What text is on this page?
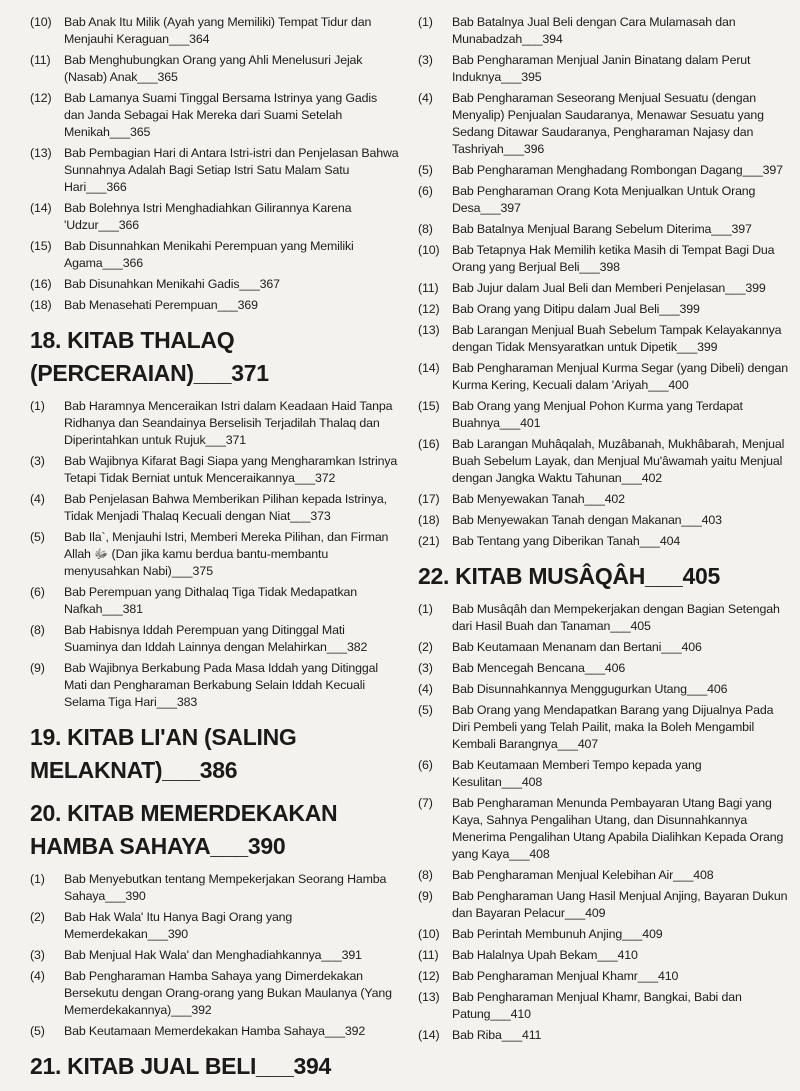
(10)	Bab Anak Itu Milik (Ayah yang Memiliki) Tempat Tidur dan Menjauhi Keraguan___364
(11)	Bab Menghubungkan Orang yang Ahli Menelusuri Jejak (Nasab) Anak___365
(12)	Bab Lamanya Suami Tinggal Bersama Istrinya yang Gadis dan Janda Sebagai Hak Mereka dari Suami Setelah Menikah___365
(13)	Bab Pembagian Hari di Antara Istri-istri dan Penjelasan Bahwa Sunnahnya Adalah Bagi Setiap Istri Satu Malam Satu Hari___366
(14)	Bab Bolehnya Istri Menghadiahkan Gilirannya Karena 'Udzur___366
(15)	Bab Disunnahkan Menikahi Perempuan yang Memiliki Agama___366
(16)	Bab Disunahkan Menikahi Gadis___367
(18)	Bab Menasehati Perempuan___369
18. KITAB THALAQ (PERCERAIAN)___371
(1)	Bab Haramnya Menceraikan Istri dalam Keadaan Haid Tanpa Ridhanya dan Seandainya Berselisih Terjadilah Thalaq dan Diperintahkan untuk Rujuk___371
(3)	Bab Wajibnya Kifarat Bagi Siapa yang Mengharamkan Istrinya Tetapi Tidak Berniat untuk Menceraikannya___372
(4)	Bab Penjelasan Bahwa Memberikan Pilihan kepada Istrinya, Tidak Menjadi Thalaq Kecuali dengan Niat___373
(5)	Bab Ila`, Menjauhi Istri, Memberi Mereka Pilihan, dan Firman Allah ﷻ (Dan jika kamu berdua bantu-membantu menyusahkan Nabi)___375
(6)	Bab Perempuan yang Dithalaq Tiga Tidak Medapatkan Nafkah___381
(8)	Bab Habisnya Iddah Perempuan yang Ditinggal Mati Suaminya dan Iddah Lainnya dengan Melahirkan___382
(9)	Bab Wajibnya Berkabung Pada Masa Iddah yang Ditinggal Mati dan Pengharaman Berkabung Selain Iddah Kecuali Selama Tiga Hari___383
19. KITAB LI'AN (SALING MELAKNAT)___386
20. KITAB MEMERDEKAKAN HAMBA SAHAYA___390
(1)	Bab Menyebutkan tentang Mempekerjakan Seorang Hamba Sahaya___390
(2)	Bab Hak Wala' Itu Hanya Bagi Orang yang Memerdekakan___390
(3)	Bab Menjual Hak Wala' dan Menghadiahkannya___391
(4)	Bab Pengharaman Hamba Sahaya yang Dimerdekakan Bersekutu dengan Orang-orang yang Bukan Maulanya (Yang Memerdekakannya)___392
(5)	Bab Keutamaan Memerdekakan Hamba Sahaya___392
21. KITAB JUAL BELI___394
(1)	Bab Batalnya Jual Beli dengan Cara Mulamasah dan Munabadzah___394
(3)	Bab Pengharaman Menjual Janin Binatang dalam Perut Induknya___395
(4)	Bab Pengharaman Seseorang Menjual Sesuatu (dengan Menyalip) Penjualan Saudaranya, Menawar Sesuatu yang Sedang Ditawar Saudaranya, Pengharaman Najasy dan Tashriyah___396
(5)	Bab Pengharaman Menghadang Rombongan Dagang___397
(6)	Bab Pengharaman Orang Kota Menjualkan Untuk Orang Desa___397
(8)	Bab Batalnya Menjual Barang Sebelum Diterima___397
(10)	Bab Tetapnya Hak Memilih ketika Masih di Tempat Bagi Dua Orang yang Berjual Beli___398
(11)	Bab Jujur dalam Jual Beli dan Memberi Penjelasan___399
(12)	Bab Orang yang Ditipu dalam Jual Beli___399
(13)	Bab Larangan Menjual Buah Sebelum Tampak Kelayakannya dengan Tidak Mensyaratkan untuk Dipetik___399
(14)	Bab Pengharaman Menjual Kurma Segar (yang Dibeli) dengan Kurma Kering, Kecuali dalam 'Ariyah___400
(15)	Bab Orang yang Menjual Pohon Kurma yang Terdapat Buahnya___401
(16)	Bab Larangan Muhâqalah, Muzâbanah, Mukhâbarah, Menjual Buah Sebelum Layak, dan Menjual Mu'âwamah yaitu Menjual dengan Jangka Waktu Tahunan___402
(17)	Bab Menyewakan Tanah___402
(18)	Bab Menyewakan Tanah dengan Makanan___403
(21)	Bab Tentang yang Diberikan Tanah___404
22. KITAB MUSÂQÂH___405
(1)	Bab Musâqâh dan Mempekerjakan dengan Bagian Setengah dari Hasil Buah dan Tanaman___405
(2)	Bab Keutamaan Menanam dan Bertani___406
(3)	Bab Mencegah Bencana___406
(4)	Bab Disunnahkannya Menggugurkan Utang___406
(5)	Bab Orang yang Mendapatkan Barang yang Dijualnya Pada Diri Pembeli yang Telah Pailit, maka Ia Boleh Mengambil Kembali Barangnya___407
(6)	Bab Keutamaan Memberi Tempo kepada yang Kesulitan___408
(7)	Bab Pengharaman Menunda Pembayaran Utang Bagi yang Kaya, Sahnya Pengalihan Utang, dan Disunnahkannya Menerima Pengalihan Utang Apabila Dialihkan Kepada Orang yang Kaya___408
(8)	Bab Pengharaman Menjual Kelebihan Air___408
(9)	Bab Pengharaman Uang Hasil Menjual Anjing, Bayaran Dukun dan Bayaran Pelacur___409
(10)	Bab Perintah Membunuh Anjing___409
(11)	Bab Halalnya Upah Bekam___410
(12)	Bab Pengharaman Menjual Khamr___410
(13)	Bab Pengharaman Menjual Khamr, Bangkai, Babi dan Patung___410
(14)	Bab Riba___411
